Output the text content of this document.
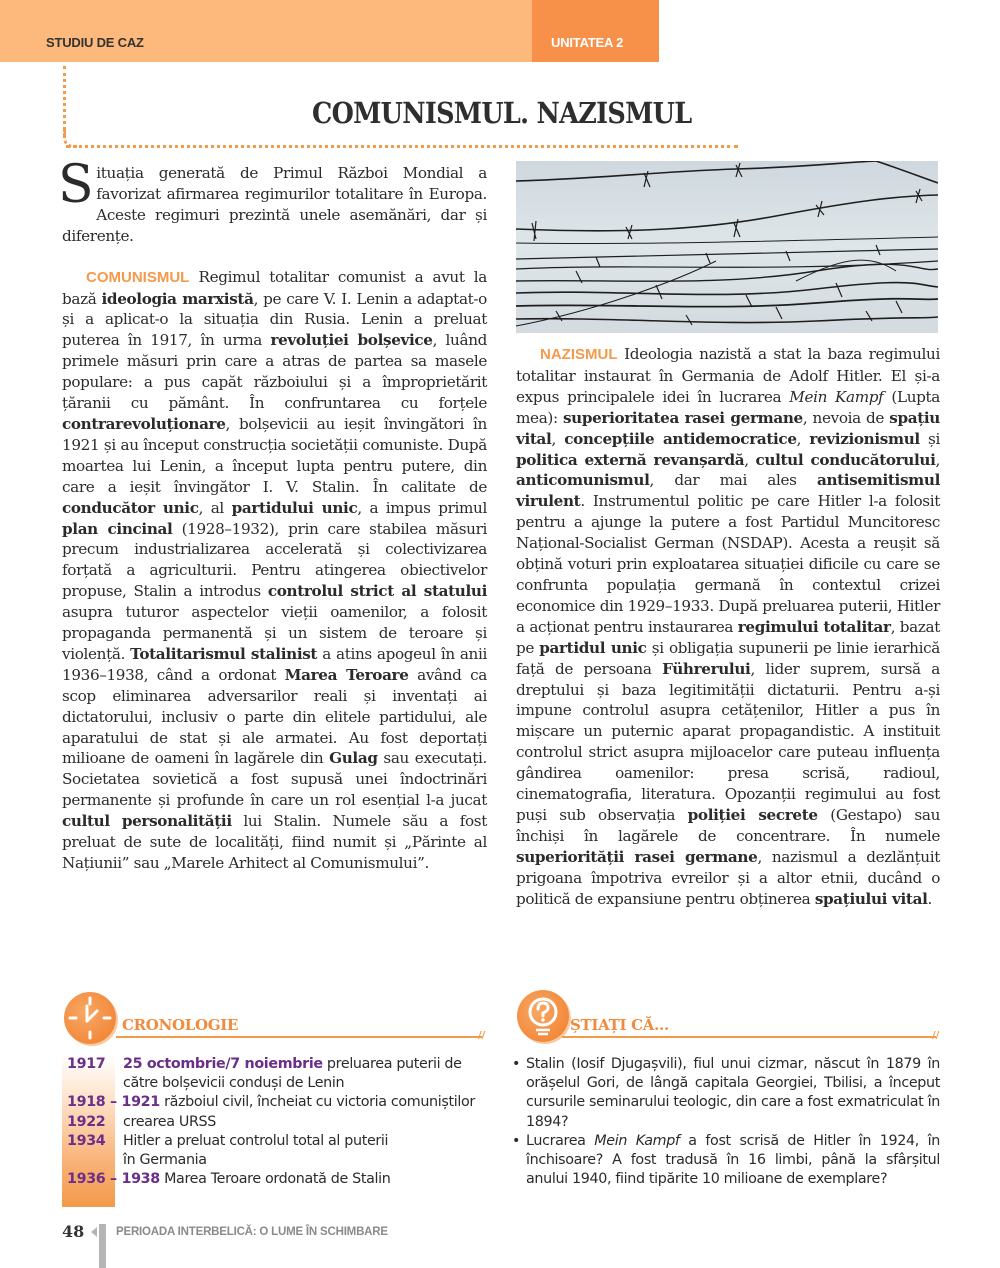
STUDIU DE CAZ	UNITATEA 2
COMUNISMUL. NAZISMUL

Situația generată de Primul Război Mondial a favorizat afirmarea regimurilor totalitare în Europa. Aceste regimuri prezintă unele asemănări, dar și diferențe.

COMUNISMUL Regimul totalitar comunist a avut la bază ideologia marxistă, pe care V. I. Lenin a adaptat-o și a aplicat-o la situația din Rusia. Lenin a preluat puterea în 1917, în urma revoluției bolșevice, luând primele măsuri prin care a atras de partea sa masele populare: a pus capăt războiului și a împroprietărit țăranii cu pământ. În confruntarea cu forțele contrarevoluționare, bolșevicii au ieșit învingători în 1921 și au început construcția societății comuniste. După moartea lui Lenin, a început lupta pentru putere, din care a ieșit învingător I. V. Stalin. În calitate de conducător unic, al partidului unic, a impus primul plan cincinal (1928–1932), prin care stabilea măsuri precum industrializarea accelerată și colectivizarea forțată a agriculturii. Pentru atingerea obiectivelor propuse, Stalin a introdus controlul strict al statului asupra tuturor aspectelor vieții oamenilor, a folosit propaganda permanentă și un sistem de teroare și violență. Totalitarismul stalinist a atins apogeul în anii 1936–1938, când a ordonat Marea Teroare având ca scop eliminarea adversarilor reali și inventați ai dictatorului, inclusiv o parte din elitele partidului, ale aparatului de stat și ale armatei. Au fost deportați milioane de oameni în lagărele din Gulag sau executați. Societatea sovietică a fost supusă unei îndoctrinări permanente și profunde în care un rol esențial l-a jucat cultul personalității lui Stalin. Numele său a fost preluat de sute de localități, fiind numit și „Părinte al Națiunii” sau „Marele Arhitect al Comunismului”.

NAZISMUL Ideologia nazistă a stat la baza regimului totalitar instaurat în Germania de Adolf Hitler. El și-a expus principalele idei în lucrarea Mein Kampf (Lupta mea): superioritatea rasei germane, nevoia de spațiu vital, concepțiile antidemocratice, revizionismul și politica externă revanșardă, cultul conducătorului, anticomunismul, dar mai ales antisemitismul virulent. Instrumentul politic pe care Hitler l-a folosit pentru a ajunge la putere a fost Partidul Muncitoresc Național-Socialist German (NSDAP). Acesta a reușit să obțină voturi prin exploatarea situației dificile cu care se confrunta populația germană în contextul crizei economice din 1929–1933. După preluarea puterii, Hitler a acționat pentru instaurarea regimului totalitar, bazat pe partidul unic și obligația supunerii pe linie ierarhică față de persoana Führerului, lider suprem, sursă a dreptului și baza legitimității dictaturii. Pentru a-și impune controlul asupra cetățenilor, Hitler a pus în mișcare un puternic aparat propagandistic. A instituit controlul strict asupra mijloacelor care puteau influența gândirea oamenilor: presa scrisă, radioul, cinematografia, literatura. Opozanții regimului au fost puși sub observația poliției secrete (Gestapo) sau închiși în lagărele de concentrare. În numele superiorității rasei germane, nazismul a dezlănțuit prigoana împotriva evreilor și a altor etnii, ducând o politică de expansiune pentru obținerea spațiului vital.

CRONOLOGIE
//
1917 25 octombrie/7 noiembrie preluarea puterii de
către bolșevicii conduși de Lenin
1918 – 1921 războiul civil, încheiat cu victoria comuniștilor
1922 crearea URSS
1934 Hitler a preluat controlul total al puterii
în Germania
1936 – 1938 Marea Teroare ordonată de Stalin
ȘTIAȚI CĂ...
//
• Stalin (Iosif Djugașvili), fiul unui cizmar, născut în 1879 în orășelul Gori, de lângă capitala Georgiei, Tbilisi, a început cursurile seminarului teologic, din care a fost exmatriculat în 1894?
• Lucrarea Mein Kampf a fost scrisă de Hitler în 1924, în închisoare? A fost tradusă în 16 limbi, până la sfârșitul anului 1940, fiind tipărite 10 milioane de exemplare?
48	PERIOADA INTERBELICĂ: O LUME ÎN SCHIMBARE
